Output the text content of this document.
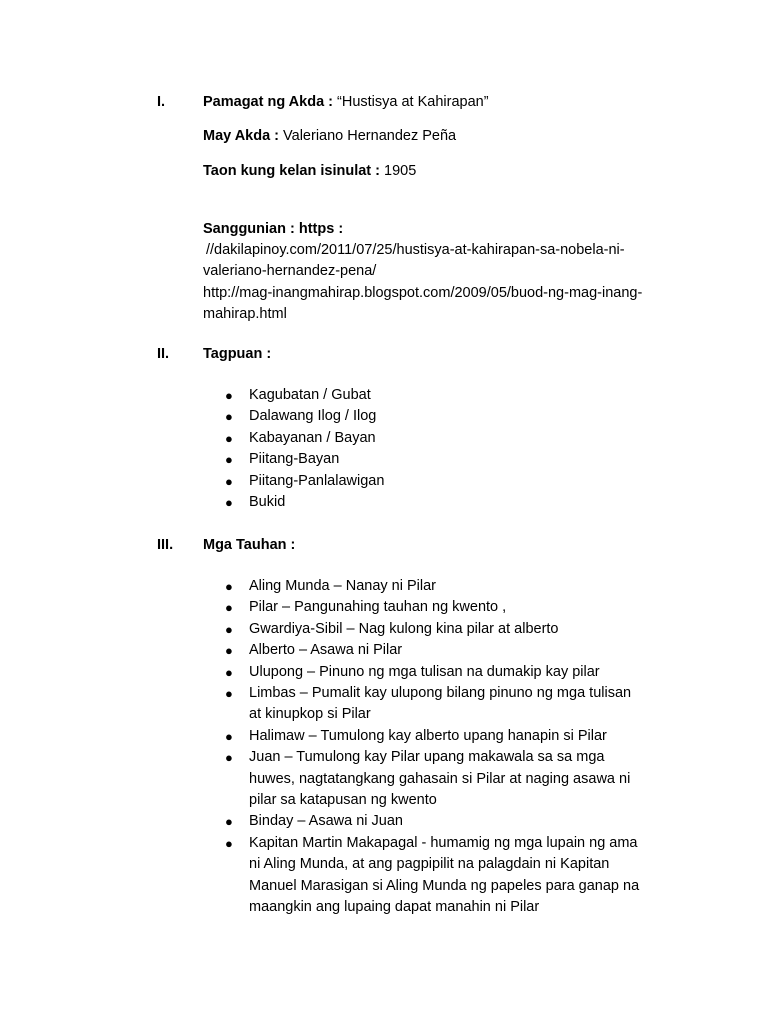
I.	Pamagat ng Akda : “Hustisya at Kahirapan”
May Akda : Valeriano Hernandez Peña
Taon kung kelan isinulat : 1905
Sanggunian : https :
//dakilapinoy.com/2011/07/25/hustisya-at-kahirapan-sa-nobela-ni-
valeriano-hernandez-pena/
http://mag-inangmahirap.blogspot.com/2009/05/buod-ng-mag-inang-
mahirap.html
II. Tagpuan :
● Kagubatan / Gubat
● Dalawang Ilog / Ilog
● Kabayanan / Bayan
● Piitang-Bayan
● Piitang-Panlalawigan
● Bukid
III. Mga Tauhan :
● Aling Munda – Nanay ni Pilar
● Pilar – Pangunahing tauhan ng kwento ,
● Gwardiya-Sibil – Nag kulong kina pilar at alberto
● Alberto – Asawa ni Pilar
● Ulupong – Pinuno ng mga tulisan na dumakip kay pilar
● Limbas – Pumalit kay ulupong bilang pinuno ng mga tulisan at kinupkop si Pilar
● Halimaw – Tumulong kay alberto upang hanapin si Pilar
● Juan – Tumulong kay Pilar upang makawala sa sa mga huwes, nagtatangkang gahasain si Pilar at naging asawa ni pilar sa katapusan ng kwento
● Binday – Asawa ni Juan
● Kapitan Martin Makapagal - humamig ng mga lupain ng ama ni Aling Munda, at ang pagpipilit na palagdain ni Kapitan Manuel Marasigan si Aling Munda ng papeles para ganap na maangkin ang lupaing dapat manahin ni Pilar
